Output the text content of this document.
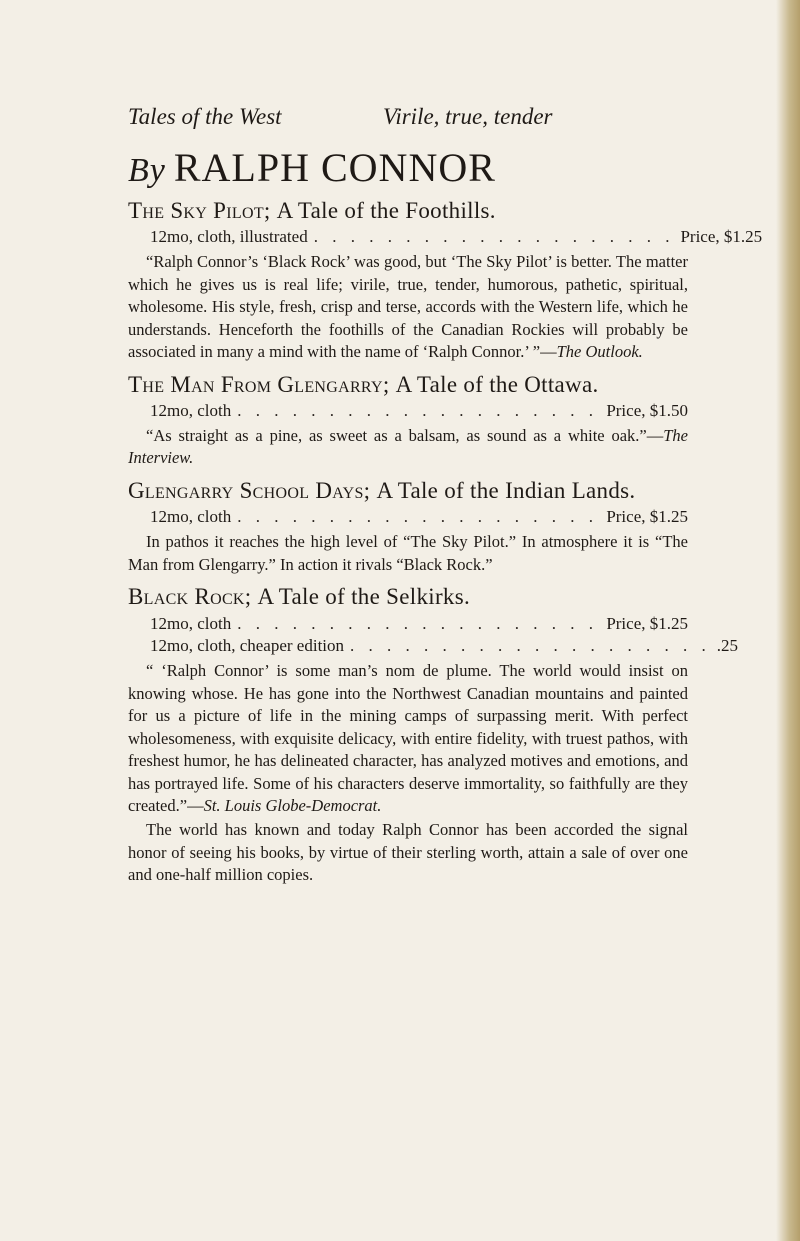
Tales of the West	Virile, true, tender
By RALPH CONNOR
The Sky Pilot; A Tale of the Foothills.
12mo, cloth, illustrated . . . . . . . . . . . . . . . . . . . . Price, $1.25

“Ralph Connor’s ‘Black Rock’ was good, but ‘The Sky Pilot’ is better. The matter which he gives us is real life; virile, true, tender, humorous, pathetic, spiritual, wholesome. His style, fresh, crisp and terse, accords with the Western life, which he understands. Henceforth the foothills of the Canadian Rockies will probably be associated in many a mind with the name of ‘Ralph Connor.’ ”—The Outlook.

The Man From Glengarry; A Tale of the Ottawa.
12mo, cloth . . . . . . . . . . . . . . . . . . . . Price, $1.50

“As straight as a pine, as sweet as a balsam, as sound as a white oak.”—The Interview.

Glengarry School Days; A Tale of the Indian Lands.
12mo, cloth . . . . . . . . . . . . . . . . . . . . Price, $1.25

In pathos it reaches the high level of “The Sky Pilot.” In atmosphere it is “The Man from Glengarry.” In action it rivals “Black Rock.”

Black Rock; A Tale of the Selkirks.
12mo, cloth . . . . . . . . . . . . . . . . . . . . Price, $1.25
12mo, cloth, cheaper edition . . . . . . . . . . . . . . . . . . . . .25

“ ‘Ralph Connor’ is some man’s nom de plume. The world would insist on knowing whose. He has gone into the Northwest Canadian mountains and painted for us a picture of life in the mining camps of surpassing merit. With perfect wholesomeness, with exquisite delicacy, with entire fidelity, with truest pathos, with freshest humor, he has delineated character, has analyzed motives and emotions, and has portrayed life. Some of his characters deserve immortality, so faithfully are they created.”—St. Louis Globe-Democrat.

The world has known and today Ralph Connor has been accorded the signal honor of seeing his books, by virtue of their sterling worth, attain a sale of over one and one-half million copies.
